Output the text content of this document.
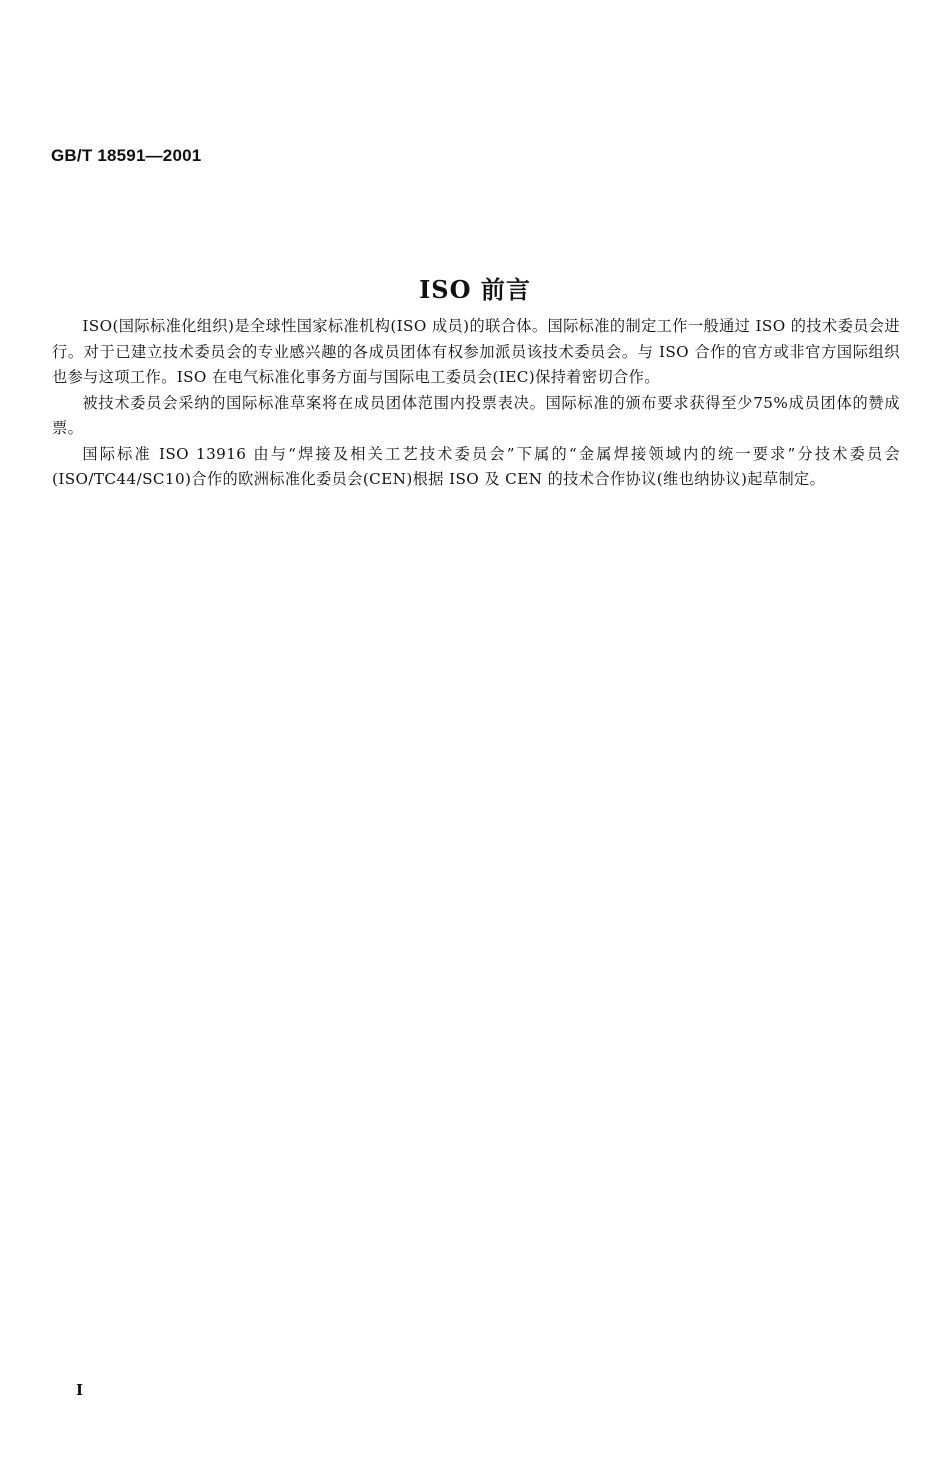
GB/T 18591—2001
ISO 前言

ISO(国际标准化组织)是全球性国家标准机构(ISO 成员)的联合体。国际标准的制定工作一般通过 ISO 的技术委员会进行。对于已建立技术委员会的专业感兴趣的各成员团体有权参加派员该技术委员会。与 ISO 合作的官方或非官方国际组织也参与这项工作。ISO 在电气标准化事务方面与国际电工委员会(IEC)保持着密切合作。

被技术委员会采纳的国际标准草案将在成员团体范围内投票表决。国际标准的颁布要求获得至少75%成员团体的赞成票。

国际标准 ISO 13916 由与“焊接及相关工艺技术委员会”下属的“金属焊接领域内的统一要求”分技术委员会(ISO/TC44/SC10)合作的欧洲标准化委员会(CEN)根据 ISO 及 CEN 的技术合作协议(维也纳协议)起草制定。

I
